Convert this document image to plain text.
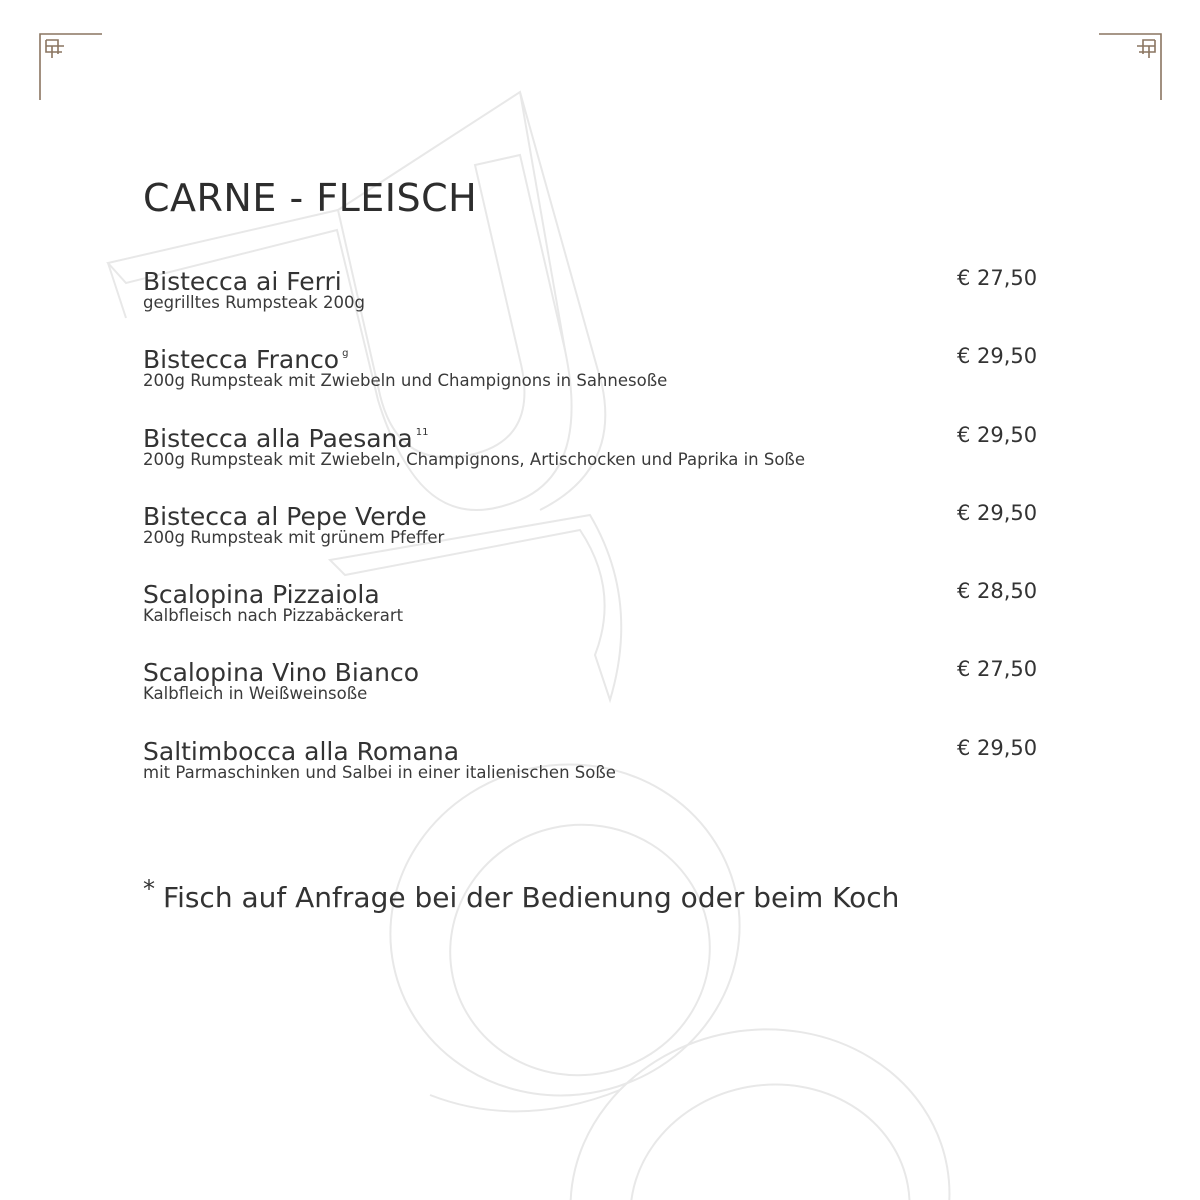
CARNE - FLEISCH
Bistecca ai Ferri
gegrilltes Rumpsteak 200g
€ 27,50
Bistecca Franco $^g$
200g Rumpsteak mit Zwiebeln und Champignons in Sahnesoße
€ 29,50
Bistecca alla Paesana $^{11}$
200g Rumpsteak mit Zwiebeln, Champignons, Artischocken und Paprika in Soße
€ 29,50
Bistecca al Pepe Verde
200g Rumpsteak mit grünem Pfeffer
€ 29,50
Scalopina Pizzaiola
Kalbfleisch nach Pizzabäckerart
€ 28,50
Scalopina Vino Bianco
Kalbfleich in Weißweinsoße
€ 27,50
Saltimbocca alla Romana
mit Parmaschinken und Salbei in einer italienischen Soße
€ 29,50
* Fisch auf Anfrage bei der Bedienung oder beim Koch
